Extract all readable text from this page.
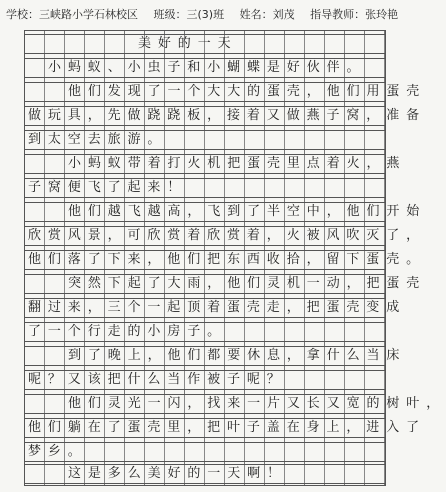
学校：三峡路小学石林校区 班级：三(3)班 姓名：刘茂 指导教师：张玲艳
美好的一天
小蚂蚁、小虫子和小蝴蝶是好伙伴。
他们发现了一个大大的蛋壳，他们用蛋壳
做玩具，先做跷跷板，接着又做燕子窝，准备
到太空去旅游。
小蚂蚁带着打火机把蛋壳里点着火，燕
子窝便飞了起来！
他们越飞越高，飞到了半空中，他们开始
欣赏风景，可欣赏着欣赏着，火被风吹灭了，
他们落了下来，他们把东西收拾，留下蛋壳。
突然下起了大雨，他们灵机一动，把蛋壳
翻过来，三个一起顶着蛋壳走，把蛋壳变成
了一个行走的小房子。
到了晚上，他们都要休息，拿什么当床
呢？又该把什么当作被子呢？
他们灵光一闪，找来一片又长又宽的树叶，
他们躺在了蛋壳里，把叶子盖在身上，进入了
梦乡。
这是多么美好的一天啊！
